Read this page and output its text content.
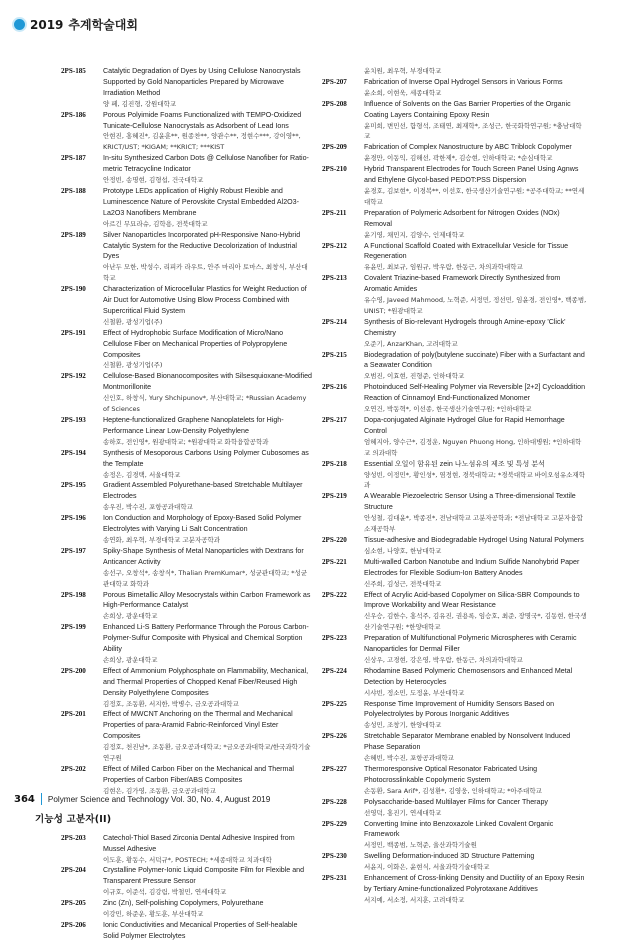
2019 추계학술대회
2PS-185	Catalytic Degradation of Dyes by Using Cellulose Nanocrystals Supported by Gold Nanoparticles Prepared by Microwave Irradiation Method
양 페, 김진형, 강원대학교
2PS-186	Porous Polyimide Foams Functionalized with TEMPO-Oxidized Tunicate-Cellulose Nanocrystals as Adsorbent of Lead Ions
안현진, 홍혜진*, 김윤훈**, 원종찬**, 양관수**, 정현수***, 강이영**, KRICT/UST; *KIGAM; **KRICT; ***KIST
2PS-187	In-situ Synthesized Carbon Dots @ Cellulose Nanofiber for Ratio-metric Tetracycline Indicator
안정빈, 송명현, 김형섭, 건국대학교
2PS-188	Prototype LEDs application of Highly Robust Flexible and Luminescence Nature of Perovskite Crystal Embedded Al2O3-La2O3 Nanofibers Membrane
아르긴 무묘라슈, 김학용, 전북대학교
2PS-189	Silver Nanoparticles Incorporated pH-Responsive Nano-Hybrid Catalytic System for the Reductive Decolorization of Industrial Dyes
아난두 모한, 박성수, 리피카 라우트, 안주 마리아 토마스, 최창식, 부산대학교
2PS-190	Characterization of Microcellular Plastics for Weight Reduction of Air Duct for Automotive Using Blow Process Combined with Supercritical Fluid System
신철환, 광성기업(주)
2PS-191	Effect of Hydrophobic Surface Modification of Micro/Nano Cellulose Fiber on Mechanical Properties of Polypropylene Composites
신철환, 광성기업(주)
2PS-192	Cellulose-Based Bionanocomposites with Silsesquioxane-Modified Montmorillonite
신인호, 하창식, Yury Shchipunov*, 부산대학교; *Russian Academy of Sciences
2PS-193	Heptene-functionalized Graphene Nanoplatelets for High-Performance Linear Low-Density Polyethylene
송하호, 전인영*, 원광대학교; *원광대학교 화학융합공학과
2PS-194	Synthesis of Mesoporous Carbons Using Polymer Cubosomes as the Template
송정은, 김경택, 서울대학교
2PS-195	Gradient Assembled Polyurethane-based Stretchable Multilayer Electrodes
송우진, 박수진, 포항공과대학교
2PS-196	Ion Conduction and Morphology of Epoxy-Based Solid Polymer Electrolytes with Varying Li Salt Concentration
송연화, 최우혁, 부경대학교 고분자공학과
2PS-197	Spiky-Shape Synthesis of Metal Nanoparticles with Dextrans for Anticancer Activity
송선구, 오창석*, 송창식*, Thalian PremKumar*, 성균관대학교; *성균관대학교 화학과
2PS-198	Porous Bimetallic Alloy Mesocrystals within Carbon Framework as High-Performance Catalyst
손희상, 광운대학교
2PS-199	Enhanced Li-S Battery Performance Through the Porous Carbon-Polymer-Sulfur Composite with Physical and Chemical Sorption Ability
손희상, 광운대학교
2PS-200	Effect of Ammonium Polyphosphate on Flammability, Mechanical, and Thermal Properties of Chopped Kenaf Fiber/Reused High Density Polyethylene Composites
김정호, 조동환, 서지한, 박병수, 금오공과대학교
2PS-201	Effect of MWCNT Anchoring on the Thermal and Mechanical Properties of para-Aramid Fabric-Reinforced Vinyl Ester Composites
김정호, 천진남*, 조동환, 금오공과대학교; *금오공과대학교/한국과학기술연구원
2PS-202	Effect of Milled Carbon Fiber on the Mechanical and Thermal Properties of Carbon Fiber/ABS Composites
김현은, 김가영, 조동환, 금오공과대학교
기능성 고분자(II)
2PS-203	Catechol-Thiol Based Zirconia Dental Adhesive Inspired from Mussel Adhesive
이도훈, 황동수, 서덕규*, POSTECH; *세종대학교 치과대학
2PS-204	Crystalline Polymer-Ionic Liquid Composite Film for Flexible and Transparent Pressure Sensor
이규호, 이준석, 김강림, 박철민, 연세대학교
2PS-205	Zinc (Zn), Self-polishing Copolymers, Polyurethane
이강민, 하준운, 황도훈, 부산대학교
2PS-206	Ionic Conductivities and Mecanical Properties of Self-healable Solid Polymer Electrolytes
윤치원, 최우혁, 부경대학교
2PS-207	Fabrication of Inverse Opal Hydrogel Sensors in Various Forms
윤소희, 이현욱, 세종대학교
2PS-208	Influence of Solvents on the Gas Barrier Properties of the Organic Coating Layers Containing Epoxy Resin
윤미희, 변민선, 함형석, 조태연, 최재학*, 조성근, 한국화학연구원; *충남대학교
2PS-209	Fabrication of Complex Nanostructure by ABC Triblock Copolymer
윤경만, 이동익, 김해선, 곽한제*, 김승현, 인하대학교; *순심대학교
2PS-210	Hybrid Transparent Electrodes for Touch Screen Panel Using Agnws and Ethylene Glycol-based PEDOT:PSS Dispersion
윤경호, 김보현*, 이경복**, 이선호, 한국생산기술연구원; *공주대학교; **연세대학교
2PS-211	Preparation of Polymeric Adsorbent for Nitrogen Oxides (NOx) Removal
윤기영, 채민지, 김양수, 인제대학교
2PS-212	A Functional Scaffold Coated with Extracellular Vesicle for Tissue Regeneration
유윤민, 최보규, 임원규, 박우람, 한동근, 차의과학대학교
2PS-213	Covalent Triazine-based Framework Directly Synthesized from Aromatic Amides
유수영, Javeed Mahmood, 노혁준, 서정민, 정선민, 임윤경, 전인영*, 백종범, UNIST; *원광대학교
2PS-214	Synthesis of Bio-relevant Hydrogels through Amine-epoxy 'Click' Chemistry
오준기, AnzarKhan, 고려대학교
2PS-215	Biodegradation of poly(butylene succinate) Fiber with a Surfactant and a Seawater Condition
오범진, 이효현, 진형준, 인하대학교
2PS-216	Photoinduced Self-Healing Polymer via Reversible [2+2] Cycloaddition Reaction of Cinnamoyl End-Functionalized Monomer
오연건, 박동혁*, 이선종, 한국생산기술연구원; *인하대학교
2PS-217	Dopa-conjugated Alginate Hydrogel Glue for Rapid Hemorrhage Control
엄혜지아, 양수근*, 김정운, Nguyen Phuong Hong, 인하대병원; *인하대학교 의과대학
2PS-218	Essential 오일이 함유된 zein 나노섬유의 제조 및 특성 분석
양성빈, 이정민*, 황인성*, 염정현, 경북대학교; *경북대학교 바이오섬유소재학과
2PS-219	A Wearable Piezoelectric Sensor Using a Three-dimensional Textile Structure
안성철, 김대윤*, 박종진*, 전남대학교 고분자공학과; *전남대학교 고분자융합소재공학부
2PS-220	Tissue-adhesive and Biodegradable Hydrogel Using Natural Polymers
심소현, 나양호, 한남대학교
2PS-221	Multi-walled Carbon Nanotube and Indium Sulfide Nanohybrid Paper Electrodes for Flexible Sodium-Ion Battery Anodes
신주희, 김성근, 전북대학교
2PS-222	Effect of Acrylic Acid-based Copolymer on Silica-SBR Compounds to Improve Workability and Wear Resistance
신우승, 김한수, 홍석주, 김유진, 권용록, 임승호, 최준, 장명국*, 김동현, 한국생산기술연구원; *한양대학교
2PS-223	Preparation of Multifunctional Polymeric Microspheres with Ceramic Nanoparticles for Dermal Filler
신상우, 고경현, 강은영, 박우람, 한동근, 차의과학대학교
2PS-224	Rhodamine Based Polymeric Chemosensors and Enhanced Metal Detection by Heterocycles
시샤빈, 정소민, 도정윤, 부산대학교
2PS-225	Response Time Improvement of Humidity Sensors Based on Polyelectrolytes by Porous Inorganic Additives
송성민, 조창기, 한양대학교
2PS-226	Stretchable Separator Membrane enabled by Nonsolvent Induced Phase Separation
손혜빈, 박수진, 포항공과대학교
2PS-227	Thermoresponsive Optical Resonator Fabricated Using Photocrosslinkable Copolymeric System
손동환, Sara Arif*, 김성환*, 김영웅, 인하대학교; *아주대학교
2PS-228	Polysaccharide-based Multilayer Films for Cancer Therapy
선영덕, 홍진기, 연세대학교
2PS-229	Converting Imine into Benzoxazole Linked Covalent Organic Framework
서정민, 백종범, 노혁준, 울산과학기술원
2PS-230	Swelling Deformation-induced 3D Structure Patterning
서윤지, 이화은, 윤현식, 서울과학기술대학교
2PS-231	Enhancement of Cross-linking Density and Ductility of an Epoxy Resin by Tertiary Amine-functionalized Polyrotaxane Additives
서지예, 서소정, 서지훈, 고려대학교
364 Polymer Science and Technology Vol. 30, No. 4, August 2019
